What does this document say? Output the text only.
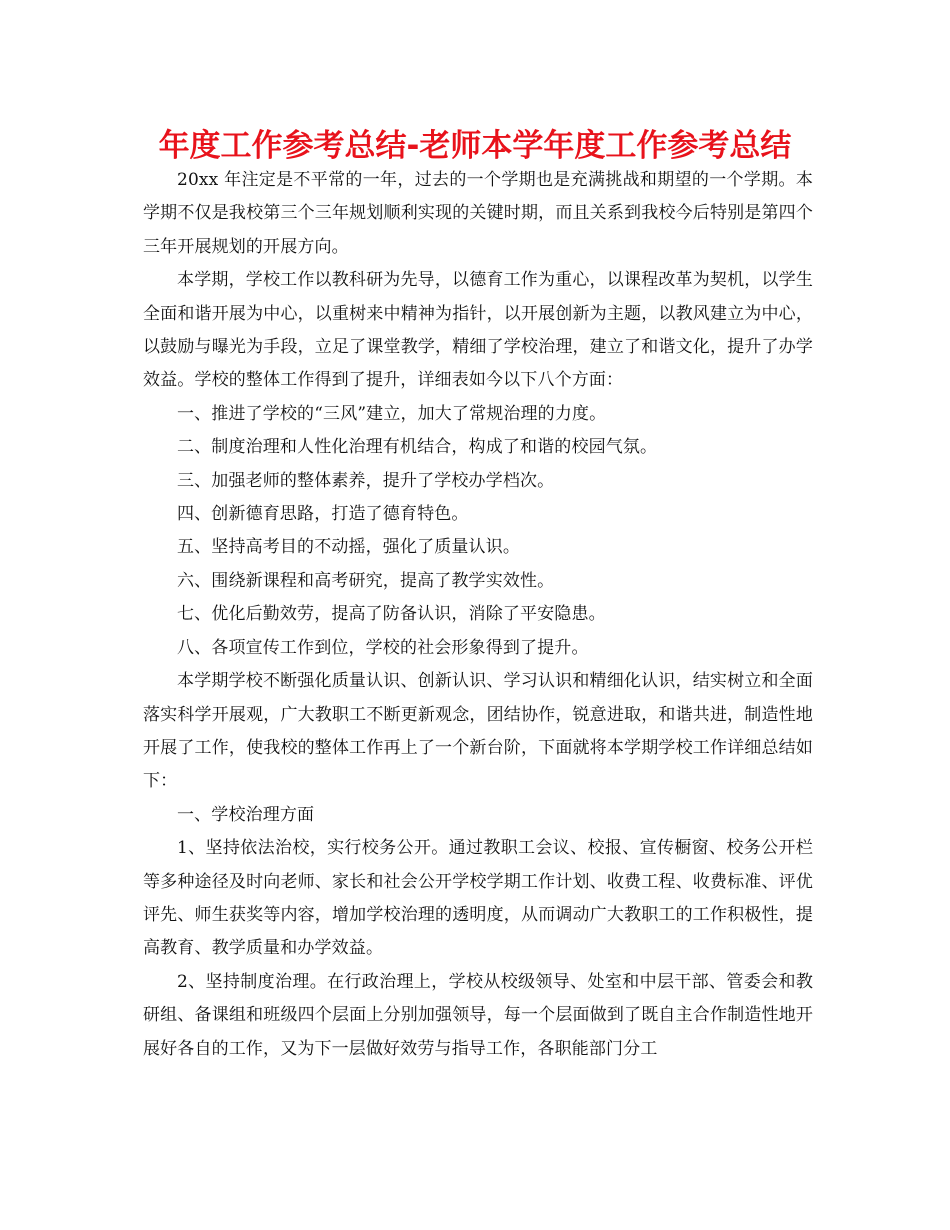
年度工作参考总结-老师本学年度工作参考总结

20xx 年注定是不平常的一年，过去的一个学期也是充满挑战和期望的一个学期。本学期不仅是我校第三个三年规划顺利实现的关键时期，而且关系到我校今后特别是第四个三年开展规划的开展方向。

本学期，学校工作以教科研为先导，以德育工作为重心，以课程改革为契机，以学生全面和谐开展为中心，以重树来中精神为指针，以开展创新为主题，以教风建立为中心，以鼓励与曝光为手段，立足了课堂教学，精细了学校治理，建立了和谐文化，提升了办学效益。学校的整体工作得到了提升，详细表如今以下八个方面：

一、推进了学校的“三风”建立，加大了常规治理的力度。

二、制度治理和人性化治理有机结合，构成了和谐的校园气氛。

三、加强老师的整体素养，提升了学校办学档次。

四、创新德育思路，打造了德育特色。

五、坚持高考目的不动摇，强化了质量认识。

六、围绕新课程和高考研究，提高了教学实效性。

七、优化后勤效劳，提高了防备认识，消除了平安隐患。

八、各项宣传工作到位，学校的社会形象得到了提升。

本学期学校不断强化质量认识、创新认识、学习认识和精细化认识，结实树立和全面落实科学开展观，广大教职工不断更新观念，团结协作，锐意进取，和谐共进，制造性地开展了工作，使我校的整体工作再上了一个新台阶，下面就将本学期学校工作详细总结如下：

一、学校治理方面

1、坚持依法治校，实行校务公开。通过教职工会议、校报、宣传橱窗、校务公开栏等多种途径及时向老师、家长和社会公开学校学期工作计划、收费工程、收费标准、评优评先、师生获奖等内容，增加学校治理的透明度，从而调动广大教职工的工作积极性，提高教育、教学质量和办学效益。

2、坚持制度治理。在行政治理上，学校从校级领导、处室和中层干部、管委会和教研组、备课组和班级四个层面上分别加强领导，每一个层面做到了既自主合作制造性地开展好各自的工作，又为下一层做好效劳与指导工作，各职能部门分工
